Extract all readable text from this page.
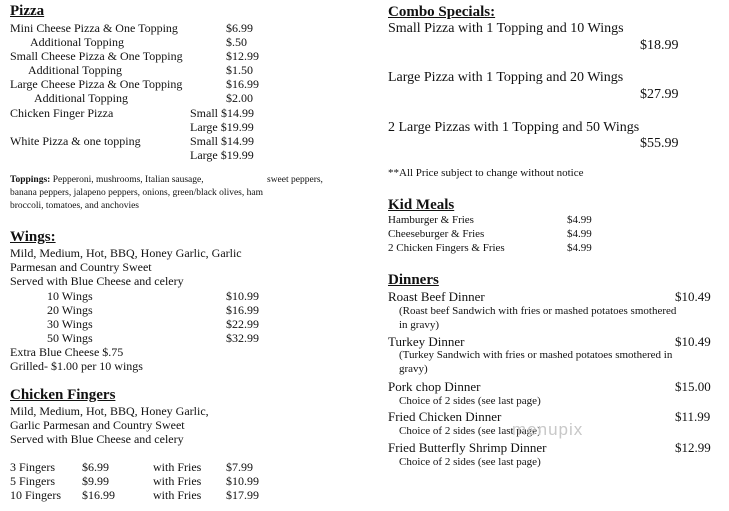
Pizza
Mini Cheese Pizza & One Topping	$6.99
Additional Topping	$.50
Small Cheese Pizza & One Topping	$12.99
Additional Topping	$1.50
Large Cheese Pizza & One Topping	$16.99
Additional Topping	$2.00
Chicken Finger Pizza	Small $14.99
Large $19.99
White Pizza & one topping	Small $14.99
Large $19.99
Toppings: Pepperoni, mushrooms, Italian sausage,	sweet peppers,
banana peppers, jalapeno peppers, onions, green/black olives, ham
broccoli, tomatoes, and anchovies
Wings:
Mild, Medium, Hot, BBQ, Honey Garlic, Garlic
Parmesan and Country Sweet
Served with Blue Cheese and celery
10 Wings	$10.99
20 Wings	$16.99
30 Wings	$22.99
50 Wings	$32.99
Extra Blue Cheese $.75
Grilled- $1.00 per 10 wings
Chicken Fingers
Mild, Medium, Hot, BBQ, Honey Garlic,
Garlic Parmesan and Country Sweet
Served with Blue Cheese and celery
3 Fingers $6.99	with Fries $7.99
5 Fingers $9.99	with Fries $10.99
10 Fingers $16.99	with Fries $17.99
Combo Specials:
Small Pizza with 1 Topping and 10 Wings
$18.99
Large Pizza with 1 Topping and 20 Wings
$27.99
2 Large Pizzas with 1 Topping and 50 Wings
$55.99
**All Price subject to change without notice
Kid Meals
Hamburger & Fries	$4.99
Cheeseburger & Fries	$4.99
2 Chicken Fingers & Fries	$4.99
Dinners
Roast Beef Dinner	$10.49
(Roast beef Sandwich with fries or mashed potatoes smothered
in gravy)
Turkey Dinner	$10.49
(Turkey Sandwich with fries or mashed potatoes smothered in
gravy)
Pork chop Dinner	$15.00
Choice of 2 sides (see last page)
Fried Chicken Dinner	$11.99
Choice of 2 sides (see last page)
Fried Butterfly Shrimp Dinner	$12.99
Choice of 2 sides (see last page)
menupix
